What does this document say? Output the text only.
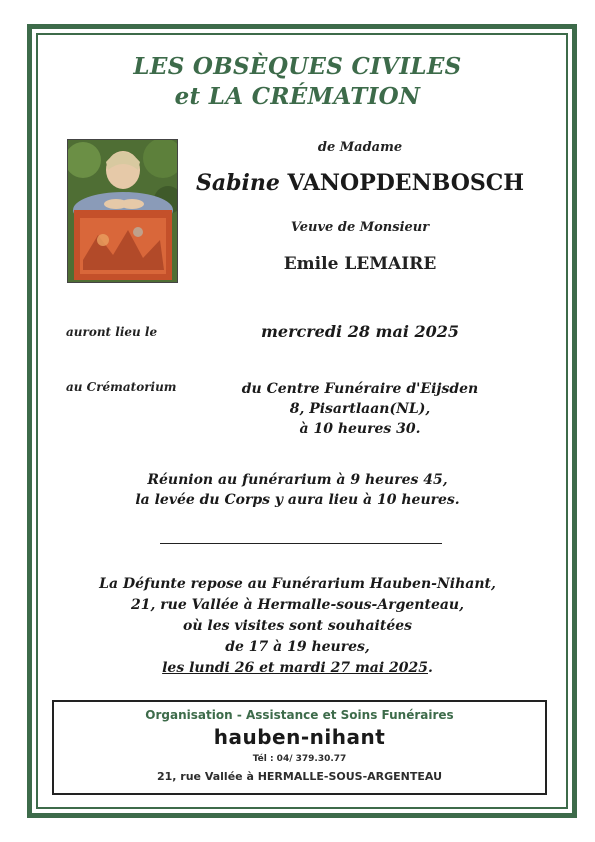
LES OBSÈQUES CIVILES
et LA CRÉMATION
de Madame
Sabine VANOPDENBOSCH
Veuve de Monsieur
Emile LEMAIRE
auront lieu le	mercredi 28 mai 2025
au Crématorium	du Centre Funéraire d'Eijsden
8, Pisartlaan(NL),
à 10 heures 30.
Réunion au funérarium à 9 heures 45,
la levée du Corps y aura lieu à 10 heures.
La Défunte repose au Funérarium Hauben-Nihant,
21, rue Vallée à Hermalle-sous-Argenteau,
où les visites sont souhaitées
de 17 à 19 heures,
les lundi 26 et mardi 27 mai 2025.
Organisation - Assistance et Soins Funéraires
hauben-nihant
Tél : 04/ 379.30.77
21, rue Vallée à HERMALLE-SOUS-ARGENTEAU
